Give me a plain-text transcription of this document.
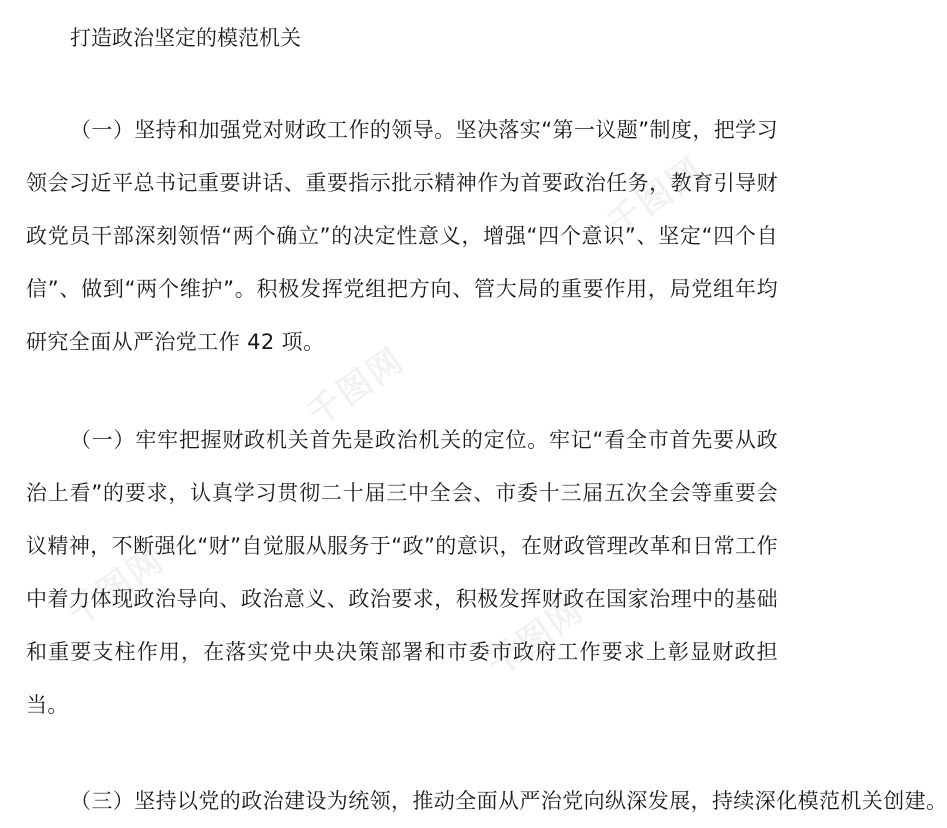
千图网
千图网
千图网
千图网
打造政治坚定的模范机关

（一）坚持和加强党对财政工作的领导。坚决落实“第一议题”制度，把学习领会习近平总书记重要讲话、重要指示批示精神作为首要政治任务，教育引导财政党员干部深刻领悟“两个确立”的决定性意义，增强“四个意识”、坚定“四个自信”、做到“两个维护”。积极发挥党组把方向、管大局的重要作用，局党组年均研究全面从严治党工作 42 项。

（一）牢牢把握财政机关首先是政治机关的定位。牢记“看全市首先要从政治上看”的要求，认真学习贯彻二十届三中全会、市委十三届五次全会等重要会议精神，不断强化“财”自觉服从服务于“政”的意识，在财政管理改革和日常工作中着力体现政治导向、政治意义、政治要求，积极发挥财政在国家治理中的基础和重要支柱作用，在落实党中央决策部署和市委市政府工作要求上彰显财政担当。

（三）坚持以党的政治建设为统领，推动全面从严治党向纵深发展，持续深化模范机关创建。
